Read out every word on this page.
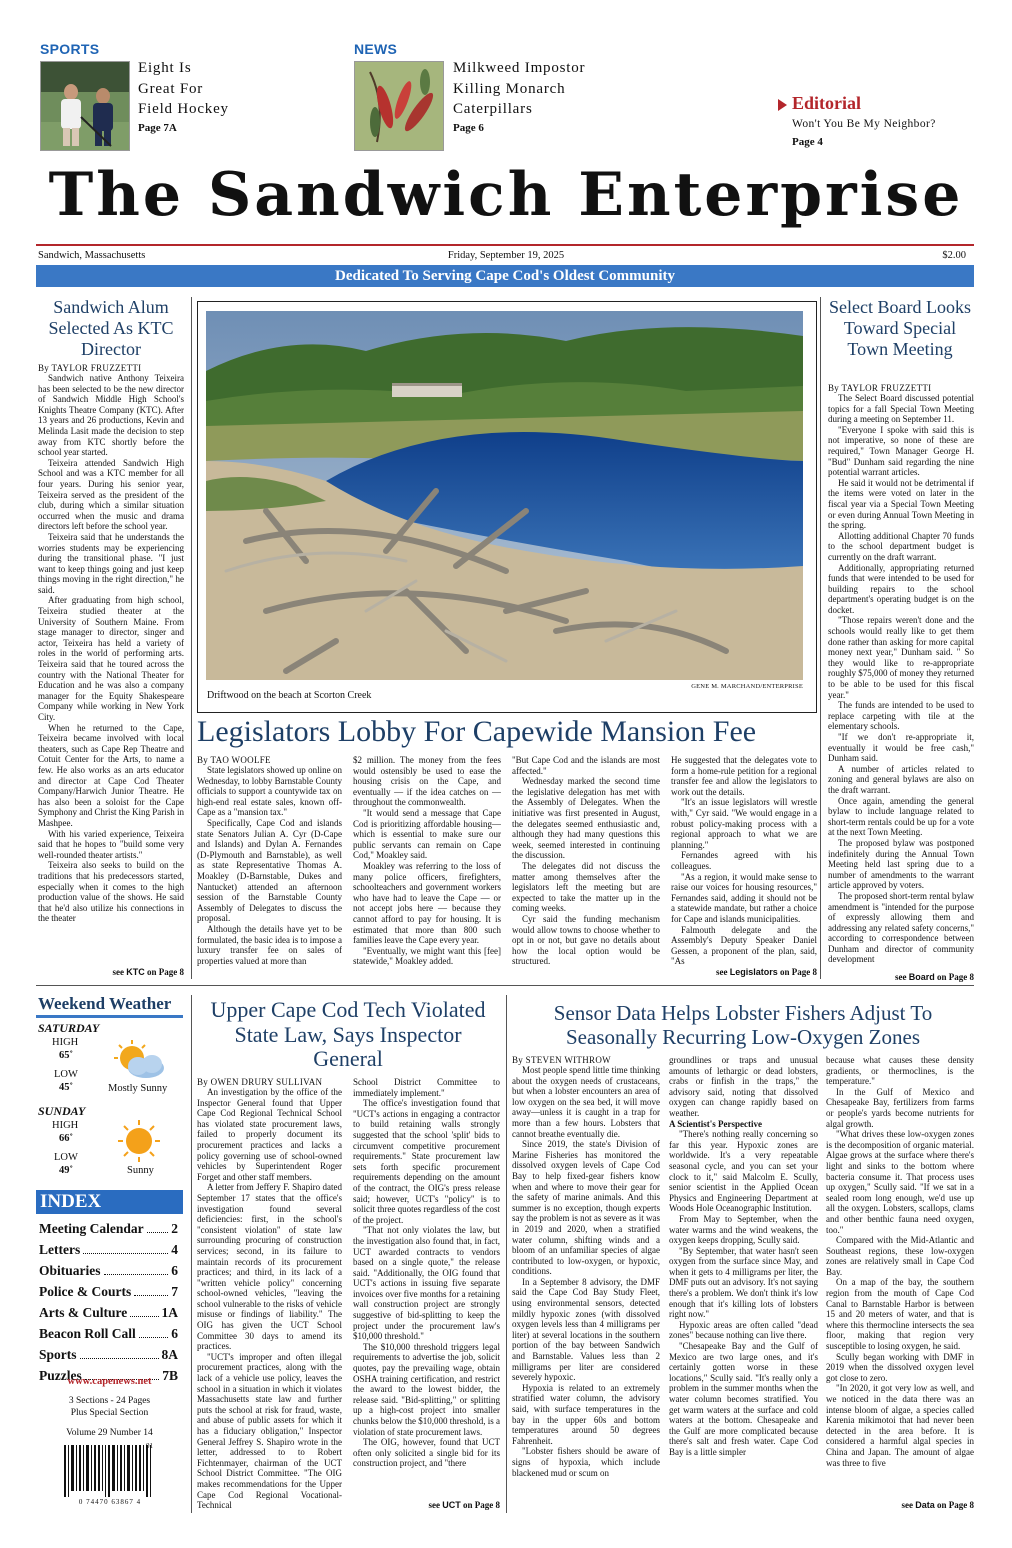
SPORTS
Eight Is
Great For
Field Hockey
Page 7A
NEWS
Milkweed Impostor
Killing Monarch
Caterpillars
Page 6
Editorial
Won't You Be My Neighbor?
Page 4
The Sandwich Enterprise
Sandwich, Massachusetts	Friday, September 19, 2025	$2.00
Dedicated To Serving Cape Cod's Oldest Community
Sandwich Alum Selected As KTC Director
By TAYLOR FRUZZETTI

Sandwich native Anthony Teixeira has been selected to be the new director of Sandwich Middle High School's Knights Theatre Company (KTC). After 13 years and 26 productions, Kevin and Melinda Lasit made the decision to step away from KTC shortly before the school year started.

Teixeira attended Sandwich High School and was a KTC member for all four years. During his senior year, Teixeira served as the president of the club, during which a similar situation occurred when the music and drama directors left before the school year.

Teixeira said that he understands the worries students may be experiencing during the transitional phase. "I just want to keep things going and just keep things moving in the right direction," he said.

After graduating from high school, Teixeira studied theater at the University of Southern Maine. From stage manager to director, singer and actor, Teixeira has held a variety of roles in the world of performing arts. Teixeira said that he toured across the country with the National Theater for Education and he was also a company manager for the Equity Shakespeare Company while working in New York City.

When he returned to the Cape, Teixeira became involved with local theaters, such as Cape Rep Theatre and Cotuit Center for the Arts, to name a few. He also works as an arts educator and director at Cape Cod Theater Company/Harwich Junior Theatre. He has also been a soloist for the Cape Symphony and Christ the King Parish in Mashpee.

With his varied experience, Teixeira said that he hopes to "build some very well-rounded theater artists."

Teixeira also seeks to build on the traditions that his predecessors started, especially when it comes to the high production value of the shows. He said that he'd also utilize his connections in the theater

see KTC on Page 8
Driftwood on the beach at Scorton Creek
GENE M. MARCHAND/ENTERPRISE
Legislators Lobby For Capewide Mansion Fee
By TAO WOOLFE

State legislators showed up online on Wednesday, to lobby Barnstable County officials to support a countywide tax on high-end real estate sales, known off-Cape as a "mansion tax."

Specifically, Cape Cod and islands state Senators Julian A. Cyr (D-Cape and Islands) and Dylan A. Fernandes (D-Plymouth and Barnstable), as well as state Representative Thomas A. Moakley (D-Barnstable, Dukes and Nantucket) attended an afternoon session of the Barnstable County Assembly of Delegates to discuss the proposal.

Although the details have yet to be formulated, the basic idea is to impose a luxury transfer fee on sales of properties valued at more than

$2 million. The money from the fees would ostensibly be used to ease the housing crisis on the Cape, and eventually — if the idea catches on — throughout the commonwealth.

"It would send a message that Cape Cod is prioritizing affordable housing—which is essential to make sure our public servants can remain on Cape Cod," Moakley said.

Moakley was referring to the loss of many police officers, firefighters, schoolteachers and government workers who have had to leave the Cape — or not accept jobs here — because they cannot afford to pay for housing. It is estimated that more than 800 such families leave the Cape every year.

"Eventually, we might want this [fee] statewide," Moakley added.

"But Cape Cod and the islands are most affected."

Wednesday marked the second time the legislative delegation has met with the Assembly of Delegates. When the initiative was first presented in August, the delegates seemed enthusiastic and, although they had many questions this week, seemed interested in continuing the discussion.

The delegates did not discuss the matter among themselves after the legislators left the meeting but are expected to take the matter up in the coming weeks.

Cyr said the funding mechanism would allow towns to choose whether to opt in or not, but gave no details about how the local option would be structured.

He suggested that the delegates vote to form a home-rule petition for a regional transfer fee and allow the legislators to work out the details.

"It's an issue legislators will wrestle with," Cyr said. "We would engage in a robust policy-making process with a regional approach to what we are planning."

Fernandes agreed with his colleagues.

"As a region, it would make sense to raise our voices for housing resources," Fernandes said, adding it should not be a statewide mandate, but rather a choice for Cape and islands municipalities.

Falmouth delegate and the Assembly's Deputy Speaker Daniel Gessen, a proponent of the plan, said, "As

see Legislators on Page 8
Select Board Looks Toward Special Town Meeting
By TAYLOR FRUZZETTI

The Select Board discussed potential topics for a fall Special Town Meeting during a meeting on September 11.

"Everyone I spoke with said this is not imperative, so none of these are required," Town Manager George H. "Bud" Dunham said regarding the nine potential warrant articles.

He said it would not be detrimental if the items were voted on later in the fiscal year via a Special Town Meeting or even during Annual Town Meeting in the spring.

Allotting additional Chapter 70 funds to the school department budget is currently on the draft warrant.

Additionally, appropriating returned funds that were intended to be used for building repairs to the school department's operating budget is on the docket.

"Those repairs weren't done and the schools would really like to get them done rather than asking for more capital money next year," Dunham said. " So they would like to re-appropriate roughly $75,000 of money they returned to be able to be used for this fiscal year."

The funds are intended to be used to replace carpeting with tile at the elementary schools.

"If we don't re-appropriate it, eventually it would be free cash," Dunham said.

A number of articles related to zoning and general bylaws are also on the draft warrant.

Once again, amending the general bylaw to include language related to short-term rentals could be up for a vote at the next Town Meeting.

The proposed bylaw was postponed indefinitely during the Annual Town Meeting held last spring due to a number of amendments to the warrant article approved by voters.

The proposed short-term rental bylaw amendment is "intended for the purpose of expressly allowing them and addressing any related safety concerns," according to correspondence between Dunham and director of community development

see Board on Page 8
Weekend Weather
SATURDAY
HIGH
65˚
LOW
45˚	Mostly Sunny
SUNDAY
HIGH
66˚
LOW
49˚	Sunny
INDEX
Meeting Calendar 2
Letters	4
Obituaries	6
Police & Courts	7
Arts & Culture	1A
Beacon Roll Call	6
Sports	8A
Puzzles	7B
www.capenews.net
3 Sections - 24 Pages
Plus Special Section
Volume 29 Number 14
01
0 74470 63867 4
Upper Cape Cod Tech Violated State Law, Says Inspector General
By OWEN DRURY SULLIVAN

An investigation by the office of the Inspector General found that Upper Cape Cod Regional Technical School has violated state procurement laws, failed to properly document its procurement practices and lacks a policy governing use of school-owned vehicles by Superintendent Roger Forget and other staff members.

A letter from Jeffery F. Shapiro dated September 17 states that the office's investigation found several deficiencies: first, in the school's "consistent violation" of state law surrounding procuring of construction services; second, in its failure to maintain records of its procurement practices; and third, in its lack of a "written vehicle policy" concerning school-owned vehicles, "leaving the school vulnerable to the risks of vehicle misuse or findings of liability." The OIG has given the UCT School Committee 30 days to amend its practices.

"UCT's improper and often illegal procurement practices, along with the lack of a vehicle use policy, leaves the school in a situation in which it violates Massachusetts state law and further puts the school at risk for fraud, waste, and abuse of public assets for which it has a fiduciary obligation," Inspector General Jeffrey S. Shapiro wrote in the letter, addressed to to Robert Fichtenmayer, chairman of the UCT School District Committee. "The OIG makes recommendations for the Upper Cape Cod Regional Vocational-Technical

School District Committee to immediately implement."

The office's investigation found that "UCT's actions in engaging a contractor to build retaining walls strongly suggested that the school 'split' bids to circumvent competitive procurement requirements." State procurement law sets forth specific procurement requirements depending on the amount of the contract, the OIG's press release said; however, UCT's "policy" is to solicit three quotes regardless of the cost of the project.

"That not only violates the law, but the investigation also found that, in fact, UCT awarded contracts to vendors based on a single quote," the release said. "Additionally, the OIG found that UCT's actions in issuing five separate invoices over five months for a retaining wall construction project are strongly suggestive of bid-splitting to keep the project under the procurement law's $10,000 threshold."

The $10,000 threshold triggers legal requirements to advertise the job, solicit quotes, pay the prevailing wage, obtain OSHA training certification, and restrict the award to the lowest bidder, the release said. "Bid-splitting," or splitting up a high-cost project into smaller chunks below the $10,000 threshold, is a violation of state procurement laws.

The OIG, however, found that UCT often only solicited a single bid for its construction project, and "there

see UCT on Page 8
Sensor Data Helps Lobster Fishers Adjust To Seasonally Recurring Low-Oxygen Zones
By STEVEN WITHROW

Most people spend little time thinking about the oxygen needs of crustaceans, but when a lobster encounters an area of low oxygen on the sea bed, it will move away—unless it is caught in a trap for more than a few hours. Lobsters that cannot breathe eventually die.

Since 2019, the state's Division of Marine Fisheries has monitored the dissolved oxygen levels of Cape Cod Bay to help fixed-gear fishers know when and where to move their gear for the safety of marine animals. And this summer is no exception, though experts say the problem is not as severe as it was in 2019 and 2020, when a stratified water column, shifting winds and a bloom of an unfamiliar species of algae contributed to low-oxygen, or hypoxic, conditions.

In a September 8 advisory, the DMF said the Cape Cod Bay Study Fleet, using environmental sensors, detected mildly hypoxic zones (with dissolved oxygen levels less than 4 milligrams per liter) at several locations in the southern portion of the bay between Sandwich and Barnstable. Values less than 2 milligrams per liter are considered severely hypoxic.

Hypoxia is related to an extremely stratified water column, the advisory said, with surface temperatures in the bay in the upper 60s and bottom temperatures around 50 degrees Fahrenheit.

"Lobster fishers should be aware of signs of hypoxia, which include blackened mud or scum on

groundlines or traps and unusual amounts of lethargic or dead lobsters, crabs or finfish in the traps," the advisory said, noting that dissolved oxygen can change rapidly based on weather.

A Scientist's Perspective

"There's nothing really concerning so far this year. Hypoxic zones are worldwide. It's a very repeatable seasonal cycle, and you can set your clock to it," said Malcolm E. Scully, senior scientist in the Applied Ocean Physics and Engineering Department at Woods Hole Oceanographic Institution.

From May to September, when the water warms and the wind weakens, the oxygen keeps dropping, Scully said.

"By September, that water hasn't seen oxygen from the surface since May, and when it gets to 4 milligrams per liter, the DMF puts out an advisory. It's not saying there's a problem. We don't think it's low enough that it's killing lots of lobsters right now."

Hypoxic areas are often called "dead zones" because nothing can live there.

"Chesapeake Bay and the Gulf of Mexico are two large ones, and it's certainly gotten worse in these locations," Scully said. "It's really only a problem in the summer months when the water column becomes stratified. You get warm waters at the surface and cold waters at the bottom. Chesapeake and the Gulf are more complicated because there's salt and fresh water. Cape Cod Bay is a little simpler

because what causes these density gradients, or thermoclines, is the temperature."

In the Gulf of Mexico and Chesapeake Bay, fertilizers from farms or people's yards become nutrients for algal growth.

"What drives these low-oxygen zones is the decomposition of organic material. Algae grows at the surface where there's light and sinks to the bottom where bacteria consume it. That process uses up oxygen," Scully said. "If we sat in a sealed room long enough, we'd use up all the oxygen. Lobsters, scallops, clams and other benthic fauna need oxygen, too."

Compared with the Mid-Atlantic and Southeast regions, these low-oxygen zones are relatively small in Cape Cod Bay.

On a map of the bay, the southern region from the mouth of Cape Cod Canal to Barnstable Harbor is between 15 and 20 meters of water, and that is where this thermocline intersects the sea floor, making that region very susceptible to losing oxygen, he said.

Scully began working with DMF in 2019 when the dissolved oxygen level got close to zero.

"In 2020, it got very low as well, and we noticed in the data there was an intense bloom of algae, a species called Karenia mikimotoi that had never been detected in the area before. It is considered a harmful algal species in China and Japan. The amount of algae was three to five

see Data on Page 8
